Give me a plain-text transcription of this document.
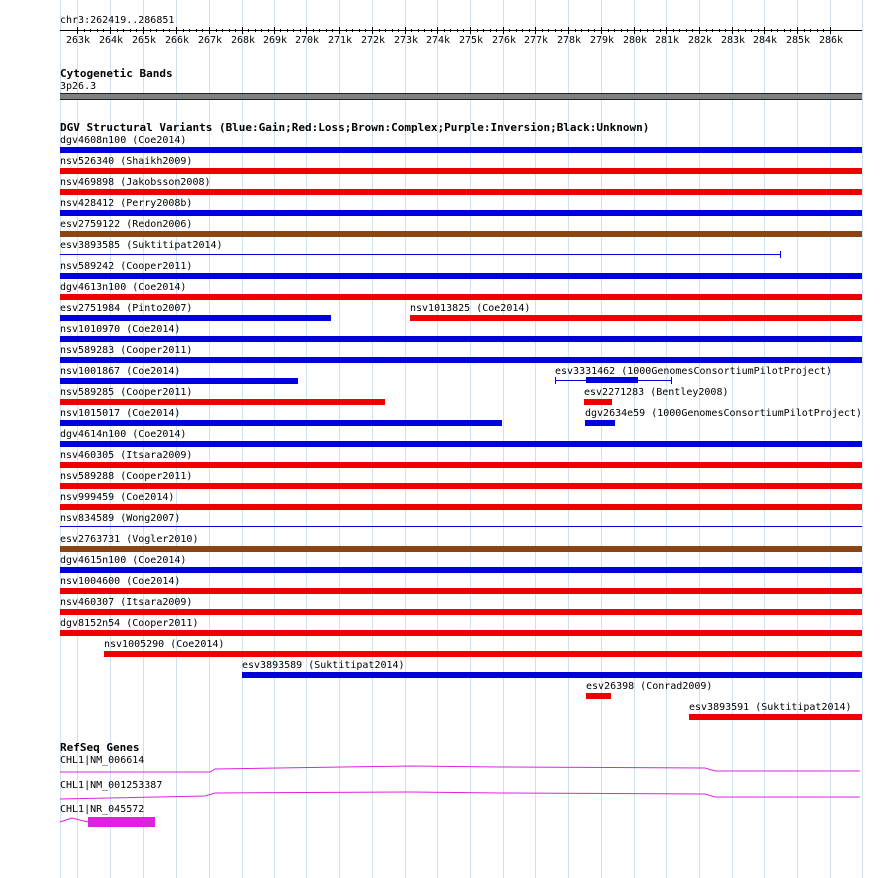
chr3:262419..286851
263k 264k 265k 266k 267k 268k 269k 270k 271k 272k 273k 274k 275k 276k 277k 278k 279k 280k 281k 282k 283k 284k 285k 286k
Cytogenetic Bands
3p26.3
DGV Structural Variants (Blue:Gain;Red:Loss;Brown:Complex;Purple:Inversion;Black:Unknown)
dgv4608n100 (Coe2014)
nsv526340 (Shaikh2009)
nsv469898 (Jakobsson2008)
nsv428412 (Perry2008b)
esv2759122 (Redon2006)
esv3893585 (Suktitipat2014)
nsv589242 (Cooper2011)
dgv4613n100 (Coe2014)
esv2751984 (Pinto2007)	nsv1013825 (Coe2014)
nsv1010970 (Coe2014)
nsv589283 (Cooper2011)
nsv1001867 (Coe2014)	esv3331462 (1000GenomesConsortiumPilotProject)
nsv589285 (Cooper2011)	esv2271283 (Bentley2008)
nsv1015017 (Coe2014)	dgv2634e59 (1000GenomesConsortiumPilotProject)
dgv4614n100 (Coe2014)
nsv460305 (Itsara2009)
nsv589288 (Cooper2011)
nsv999459 (Coe2014)
nsv834589 (Wong2007)
esv2763731 (Vogler2010)
dgv4615n100 (Coe2014)
nsv1004600 (Coe2014)
nsv460307 (Itsara2009)
dgv8152n54 (Cooper2011)
nsv1005290 (Coe2014)
esv3893589 (Suktitipat2014)
esv26398 (Conrad2009)
esv3893591 (Suktitipat2014)
RefSeq Genes
CHL1|NM_006614
CHL1|NM_001253387
CHL1|NR_045572
